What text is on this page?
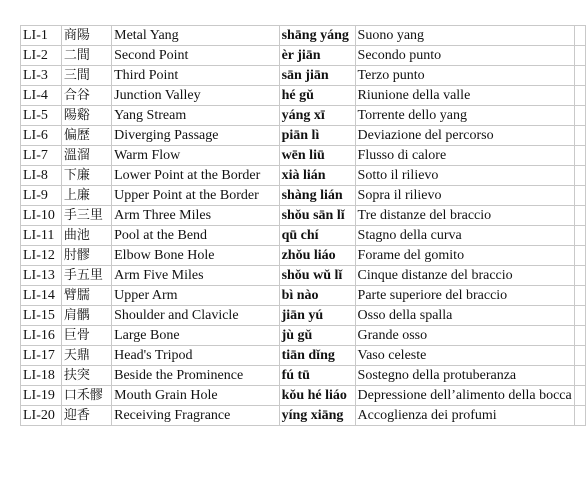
LI-1	商陽	Metal Yang	shāng yáng	Suono yang	
LI-2	二間	Second Point	èr jiān	Secondo punto	
LI-3	三間	Third Point	sān jiān	Terzo punto	
LI-4	合谷	Junction Valley	hé gǔ	Riunione della valle	
LI-5	陽谿	Yang Stream	yáng xī	Torrente dello yang	
LI-6	偏歷	Diverging Passage	piān lì	Deviazione del percorso	
LI-7	溫溜	Warm Flow	wēn liū	Flusso di calore	
LI-8	下廉	Lower Point at the Border	xià lián	Sotto il rilievo	
LI-9	上廉	Upper Point at the Border	shàng lián	Sopra il rilievo	
LI-10	手三里	Arm Three Miles	shǒu sān lǐ	Tre distanze del braccio	
LI-11	曲池	Pool at the Bend	qū chí	Stagno della curva	
LI-12	肘髎	Elbow Bone Hole	zhǒu liáo	Forame del gomito	
LI-13	手五里	Arm Five Miles	shǒu wǔ lǐ	Cinque distanze del braccio	
LI-14	臂臑	Upper Arm	bì nào	Parte superiore del braccio	
LI-15	肩髃	Shoulder and Clavicle	jiān yú	Osso della spalla	
LI-16	巨骨	Large Bone	jù gǔ	Grande osso	
LI-17	天鼎	Head's Tripod	tiān dǐng	Vaso celeste	
LI-18	扶突	Beside the Prominence	fú tū	Sostegno della protuberanza	
LI-19	口禾髎	Mouth Grain Hole	kǒu hé liáo	Depressione dell’alimento della bocca	
LI-20	迎香	Receiving Fragrance	yíng xiāng	Accoglienza dei profumi	
